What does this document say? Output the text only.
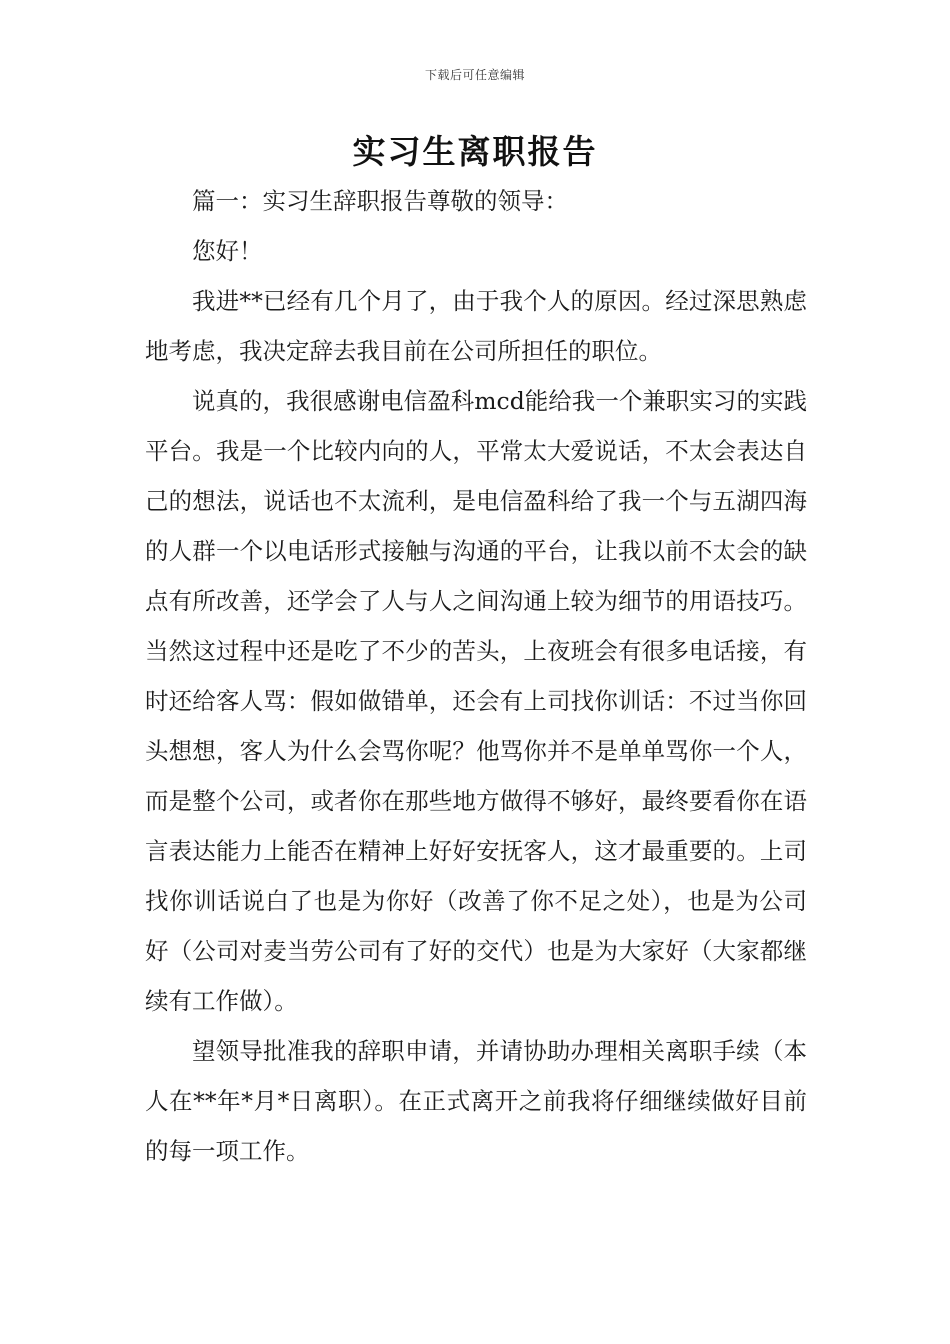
下载后可任意编辑
实习生离职报告

篇一：实习生辞职报告尊敬的领导：

您好！

我进**已经有几个月了，由于我个人的原因。经过深思熟虑地考虑，我决定辞去我目前在公司所担任的职位。

说真的，我很感谢电信盈科mcd能给我一个兼职实习的实践平台。我是一个比较内向的人，平常太大爱说话，不太会表达自己的想法，说话也不太流利，是电信盈科给了我一个与五湖四海的人群一个以电话形式接触与沟通的平台，让我以前不太会的缺点有所改善，还学会了人与人之间沟通上较为细节的用语技巧。当然这过程中还是吃了不少的苦头，上夜班会有很多电话接，有时还给客人骂：假如做错单，还会有上司找你训话：不过当你回头想想，客人为什么会骂你呢？他骂你并不是单单骂你一个人，而是整个公司，或者你在那些地方做得不够好，最终要看你在语言表达能力上能否在精神上好好安抚客人，这才最重要的。上司找你训话说白了也是为你好（改善了你不足之处），也是为公司好（公司对麦当劳公司有了好的交代）也是为大家好（大家都继续有工作做）。

望领导批准我的辞职申请，并请协助办理相关离职手续（本人在**年*月*日离职）。在正式离开之前我将仔细继续做好目前的每一项工作。
